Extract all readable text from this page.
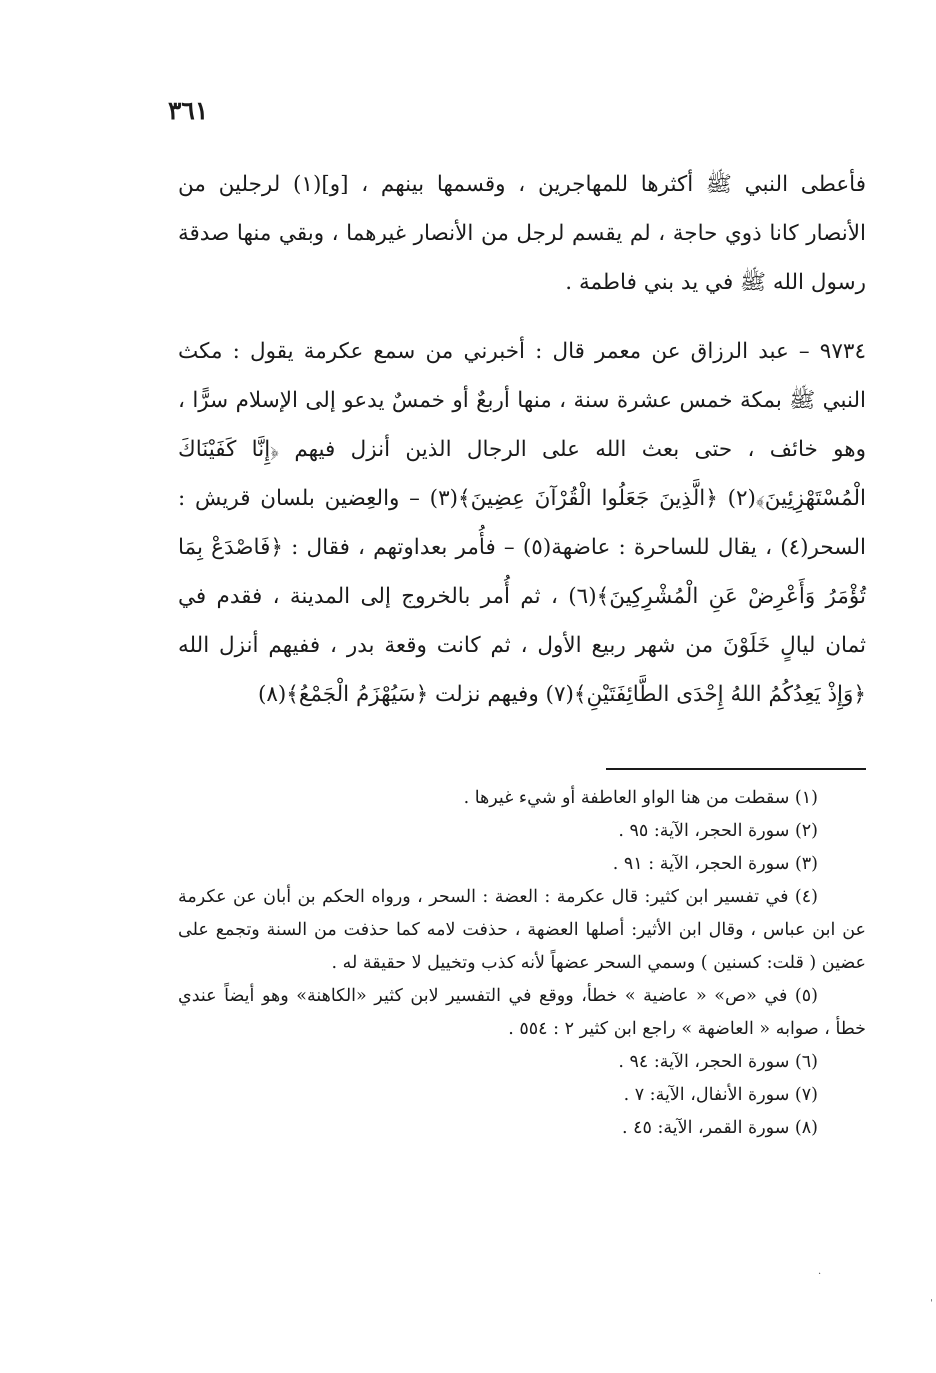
٣٦١

فأعطى النبي ﷺ أكثرها للمهاجرين ، وقسمها بينهم ، [و](١) لرجلين من الأنصار كانا ذوي حاجة ، لم يقسم لرجل من الأنصار غيرهما ، وبقي منها صدقة رسول الله ﷺ في يد بني فاطمة .

٩٧٣٤ – عبد الرزاق عن معمر قال : أخبرني من سمع عكرمة يقول : مكث النبي ﷺ بمكة خمس عشرة سنة ، منها أربعٌ أو خمسٌ يدعو إلى الإسلام سرًّا ، وهو خائف ، حتى بعث الله على الرجال الذين أنزل فيهم ﴿إِنَّا كَفَيْنَاكَ الْمُسْتَهْزِئِينَ﴾(٢) ﴿الَّذِينَ جَعَلُوا الْقُرْآنَ عِضِينَ﴾(٣) – والعِضين بلسان قريش : السحر(٤) ، يقال للساحرة : عاضهة(٥) – فأُمر بعداوتهم ، فقال : ﴿فَاصْدَعْ بِمَا تُؤْمَرُ وَأَعْرِضْ عَنِ الْمُشْرِكِينَ﴾(٦) ، ثم أُمر بالخروج إلى المدينة ، فقدم في ثمان ليالٍ خَلَوْنَ من شهر ربيع الأول ، ثم كانت وقعة بدر ، ففيهم أنزل الله ﴿وَإِذْ يَعِدُكُمُ اللهُ إِحْدَى الطَّائِفَتَيْنِ﴾(٧) وفيهم نزلت ﴿سَيُهْزَمُ الْجَمْعُ﴾(٨)

(١) سقطت من هنا الواو العاطفة أو شيء غيرها .

(٢) سورة الحجر، الآية: ٩٥ .

(٣) سورة الحجر، الآية : ٩١ .

(٤) في تفسير ابن كثير: قال عكرمة : العضة : السحر ، ورواه الحكم بن أبان عن عكرمة عن ابن عباس ، وقال ابن الأثير: أصلها العضهة ، حذفت لامه كما حذفت من السنة وتجمع على عضين ( قلت: كسنين ) وسمي السحر عضهاً لأنه كذب وتخييل لا حقيقة له .

(٥) في «ص» « عاضية » خطأ، ووقع في التفسير لابن كثير «الكاهنة» وهو أيضاً عندي خطأ ، صوابه « العاضهة » راجع ابن كثير ٢ : ٥٥٤ .

(٦) سورة الحجر، الآية: ٩٤ .

(٧) سورة الأنفال، الآية: ٧ .

(٨) سورة القمر، الآية: ٤٥ .

·
ˈ
